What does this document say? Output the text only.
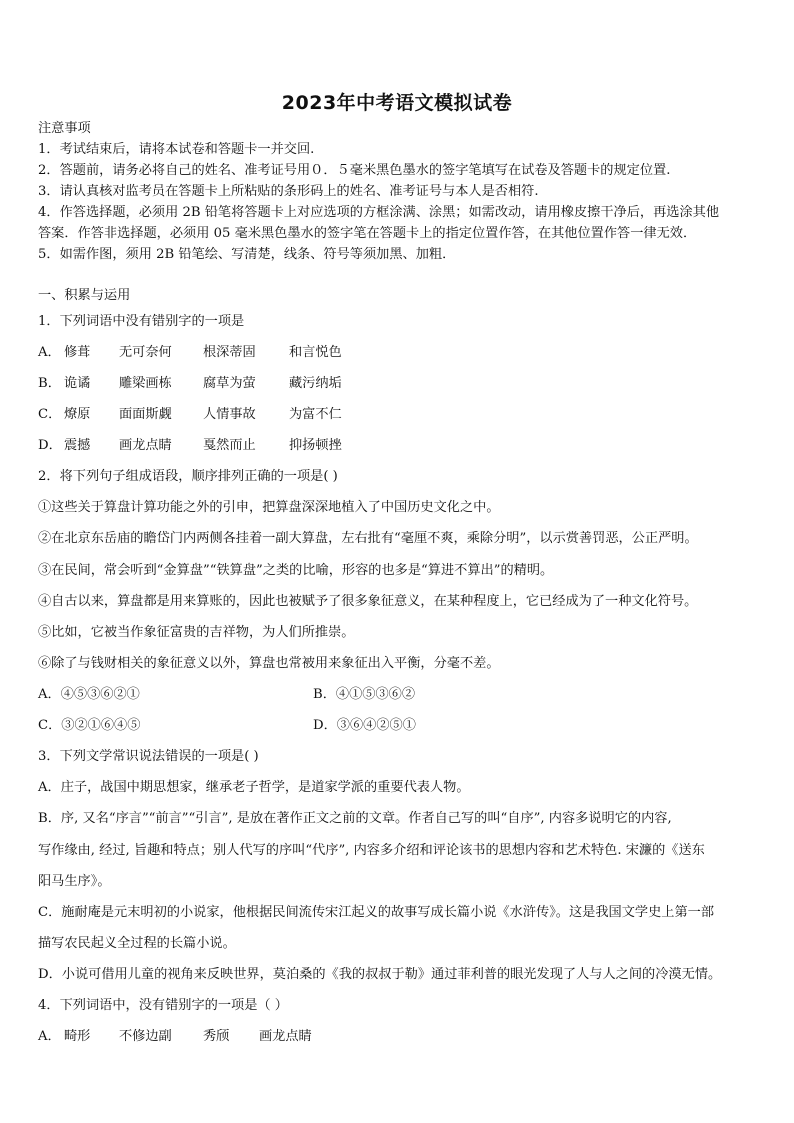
2023年中考语文模拟试卷
注意事项
1．考试结束后，请将本试卷和答题卡一并交回.
2．答题前，请务必将自己的姓名、准考证号用０．５毫米黑色墨水的签字笔填写在试卷及答题卡的规定位置.
3．请认真核对监考员在答题卡上所粘贴的条形码上的姓名、准考证号与本人是否相符.
4．作答选择题，必须用 2B 铅笔将答题卡上对应选项的方框涂满、涂黑；如需改动，请用橡皮擦干净后，再选涂其他
答案．作答非选择题，必须用 05 毫米黑色墨水的签字笔在答题卡上的指定位置作答，在其他位置作答一律无效．
5．如需作图，须用 2B 铅笔绘、写清楚，线条、符号等须加黑、加粗．
一、积累与运用
1．下列词语中没有错别字的一项是
A． 修葺 无可奈何 根深蒂固	和言悦色
B． 诡谲 雕梁画栋 腐草为萤	藏污纳垢
C． 燎原 面面斯觑 人情事故	为富不仁
D． 震撼 画龙点睛 戛然而止	抑扬顿挫
2．将下列句子组成语段，顺序排列正确的一项是( )
①这些关于算盘计算功能之外的引申，把算盘深深地植入了中国历史文化之中。
②在北京东岳庙的瞻岱门内两侧各挂着一副大算盘，左右批有“毫厘不爽，乘除分明”，以示赏善罚恶，公正严明。
③在民间，常会听到“金算盘”“铁算盘”之类的比喻，形容的也多是“算进不算出”的精明。
④自古以来，算盘都是用来算账的，因此也被赋予了很多象征意义，在某种程度上，它已经成为了一种文化符号。
⑤比如，它被当作象征富贵的吉祥物，为人们所推崇。
⑥除了与钱财相关的象征意义以外，算盘也常被用来象征出入平衡，分毫不差。
A．④⑤③⑥②①	B．④①⑤③⑥②
C．③②①⑥④⑤	D．③⑥④②⑤①
3．下列文学常识说法错误的一项是( )
A．庄子，战国中期思想家，继承老子哲学，是道家学派的重要代表人物。
B．序, 又名“序言”“前言”“引言”, 是放在著作正文之前的文章。作者自己写的叫“自序”, 内容多说明它的内容,
写作缘由, 经过, 旨趣和特点；别人代写的序叫“代序”, 内容多介绍和评论该书的思想内容和艺术特色. 宋濂的《送东
阳马生序》。
C．施耐庵是元末明初的小说家，他根据民间流传宋江起义的故事写成长篇小说《水浒传》。这是我国文学史上第一部
描写农民起义全过程的长篇小说。
D．小说可借用儿童的视角来反映世界，莫泊桑的《我的叔叔于勒》通过菲利普的眼光发现了人与人之间的冷漠无情。
4．下列词语中，没有错别字的一项是（ ）
A． 畸形 不修边副 秀颀 画龙点睛
